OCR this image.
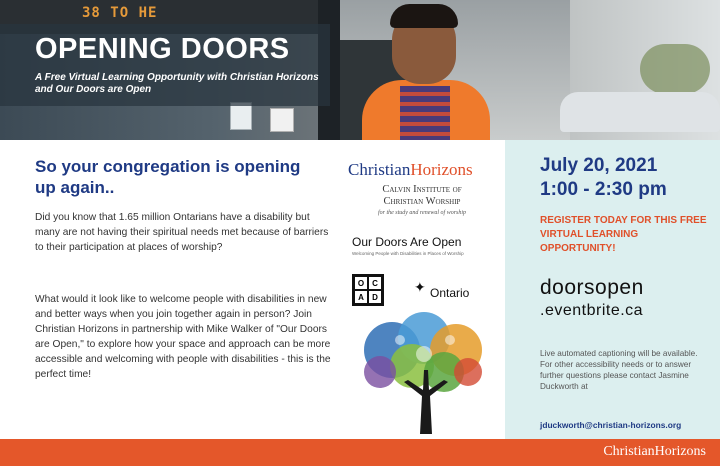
38 TO HE
OPENING DOORS
A Free Virtual Learning Opportunity with Christian Horizons and Our Doors are Open
So your congregation is opening up again..

Did you know that 1.65 million Ontarians have a disability but many are not having their spiritual needs met because of barriers to their participation at places of worship?

What would it look like to welcome people with disabilities in new and better ways when you join together again in person? Join Christian Horizons in partnership with Mike Walker of "Our Doors are Open," to explore how your space and approach can be more accessible and welcoming with people with disabilities - this is the perfect time!

ChristianHorizons
Calvin Institute of Christian Worship
for the study and renewal of worship
Our Doors Are Open
Welcoming People with Disabilities in Places of Worship
O	C
A	D
✦ Ontario
July 20, 2021
1:00 - 2:30 pm
REGISTER TODAY FOR THIS FREE VIRTUAL LEARNING OPPORTUNITY!
doorsopen
.eventbrite.ca
Live automated captioning will be available. For other accessibility needs or to answer further questions please contact Jasmine Duckworth at
jduckworth@christian-horizons.org
ChristianHorizons
